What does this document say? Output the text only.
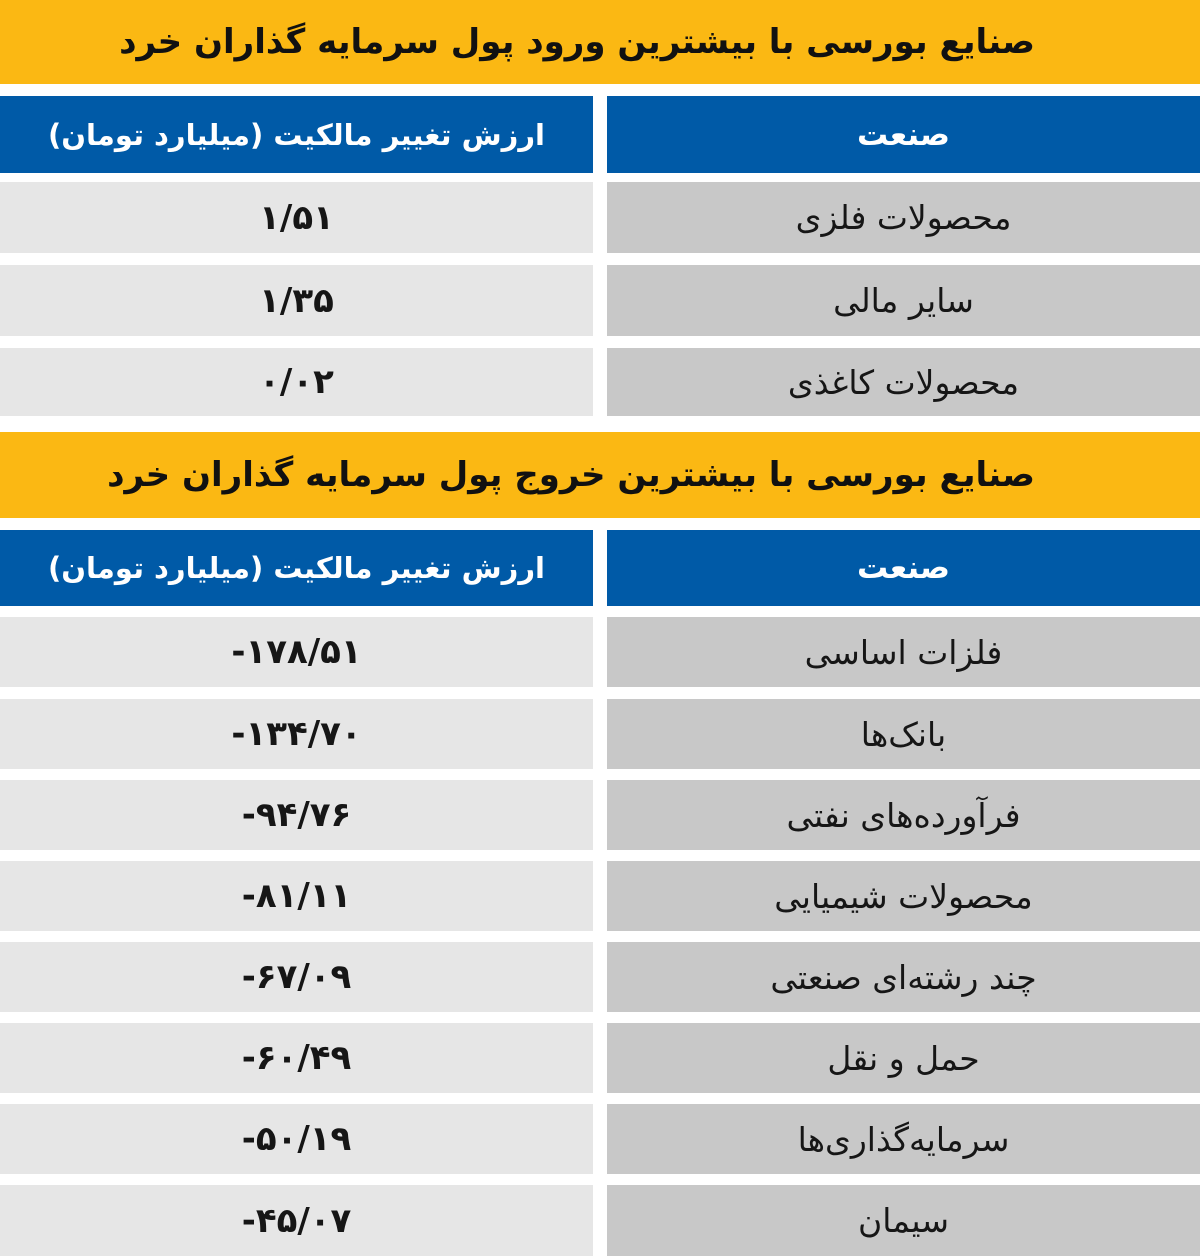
صنایع بورسی با بیشترین ورود پول سرمایه گذاران خرد
ارزش تغییر مالکیت (میلیارد تومان)	صنعت
۱/۵۱	محصولات فلزی
۱/۳۵	سایر مالی
۰/۰۲	محصولات کاغذی
صنایع بورسی با بیشترین خروج پول سرمایه گذاران خرد
ارزش تغییر مالکیت (میلیارد تومان)	صنعت
-۱۷۸/۵۱	فلزات اساسی
-۱۳۴/۷۰	بانک‌ها
-۹۴/۷۶	فرآورده‌های نفتی
-۸۱/۱۱	محصولات شیمیایی
-۶۷/۰۹	چند رشته‌ای صنعتی
-۶۰/۴۹	حمل و نقل
-۵۰/۱۹	سرمایه‌گذاری‌ها
-۴۵/۰۷	سیمان
